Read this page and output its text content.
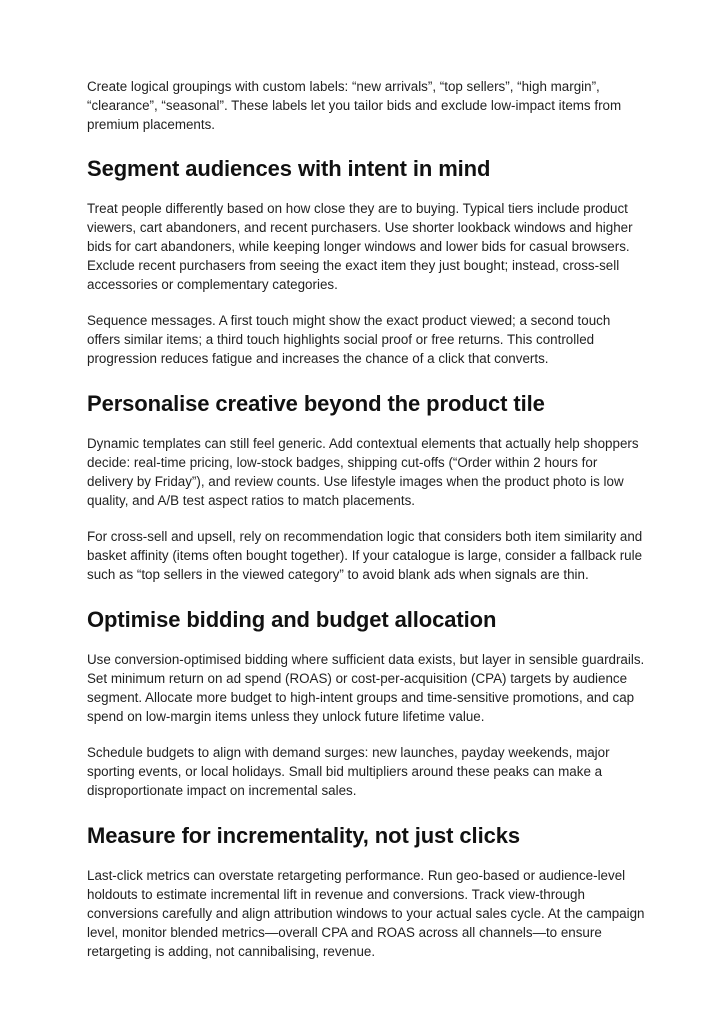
Create logical groupings with custom labels: “new arrivals”, “top sellers”, “high margin”, “clearance”, “seasonal”. These labels let you tailor bids and exclude low-impact items from premium placements.

Segment audiences with intent in mind

Treat people differently based on how close they are to buying. Typical tiers include product viewers, cart abandoners, and recent purchasers. Use shorter lookback windows and higher bids for cart abandoners, while keeping longer windows and lower bids for casual browsers. Exclude recent purchasers from seeing the exact item they just bought; instead, cross-sell accessories or complementary categories.

Sequence messages. A first touch might show the exact product viewed; a second touch offers similar items; a third touch highlights social proof or free returns. This controlled progression reduces fatigue and increases the chance of a click that converts.

Personalise creative beyond the product tile

Dynamic templates can still feel generic. Add contextual elements that actually help shoppers decide: real-time pricing, low-stock badges, shipping cut-offs (“Order within 2 hours for delivery by Friday”), and review counts. Use lifestyle images when the product photo is low quality, and A/B test aspect ratios to match placements.

For cross-sell and upsell, rely on recommendation logic that considers both item similarity and basket affinity (items often bought together). If your catalogue is large, consider a fallback rule such as “top sellers in the viewed category” to avoid blank ads when signals are thin.

Optimise bidding and budget allocation

Use conversion-optimised bidding where sufficient data exists, but layer in sensible guardrails. Set minimum return on ad spend (ROAS) or cost-per-acquisition (CPA) targets by audience segment. Allocate more budget to high-intent groups and time-sensitive promotions, and cap spend on low-margin items unless they unlock future lifetime value.

Schedule budgets to align with demand surges: new launches, payday weekends, major sporting events, or local holidays. Small bid multipliers around these peaks can make a disproportionate impact on incremental sales.

Measure for incrementality, not just clicks

Last-click metrics can overstate retargeting performance. Run geo-based or audience-level holdouts to estimate incremental lift in revenue and conversions. Track view-through conversions carefully and align attribution windows to your actual sales cycle. At the campaign level, monitor blended metrics—overall CPA and ROAS across all channels—to ensure retargeting is adding, not cannibalising, revenue.
